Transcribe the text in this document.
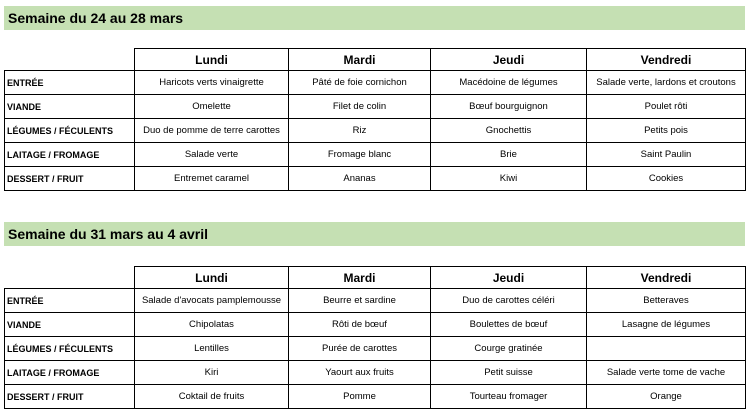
Semaine du 24 au 28 mars
	Lundi	Mardi	Jeudi	Vendredi
ENTRÉE	Haricots verts vinaigrette	Pâté de foie cornichon	Macédoine de légumes	Salade verte, lardons et croutons
VIANDE	Omelette	Filet de colin	Bœuf bourguignon	Poulet rôti
LÉGUMES / FÉCULENTS	Duo de pomme de terre carottes	Riz	Gnochettis	Petits pois
LAITAGE / FROMAGE	Salade verte	Fromage blanc	Brie	Saint Paulin
DESSERT / FRUIT	Entremet caramel	Ananas	Kiwi	Cookies
Semaine du 31 mars au 4 avril
	Lundi	Mardi	Jeudi	Vendredi
ENTRÉE	Salade d'avocats pamplemousse	Beurre et sardine	Duo de carottes céléri	Betteraves
VIANDE	Chipolatas	Rôti de bœuf	Boulettes de bœuf	Lasagne de légumes
LÉGUMES / FÉCULENTS	Lentilles	Purée de carottes	Courge gratinée	
LAITAGE / FROMAGE	Kiri	Yaourt aux fruits	Petit suisse	Salade verte tome de vache
DESSERT / FRUIT	Coktail de fruits	Pomme	Tourteau fromager	Orange
